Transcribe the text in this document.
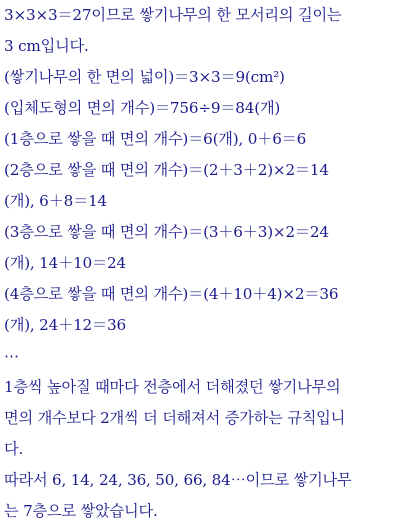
3×3×3＝27이므로 쌓기나무의 한 모서리의 길이는
3 cm입니다.
(쌓기나무의 한 면의 넓이)＝3×3＝9(cm²)
(입체도형의 면의 개수)＝756÷9＝84(개)
(1층으로 쌓을 때 면의 개수)＝6(개), 0＋6＝6
(2층으로 쌓을 때 면의 개수)＝(2＋3＋2)×2＝14
(개), 6＋8＝14
(3층으로 쌓을 때 면의 개수)＝(3＋6＋3)×2＝24
(개), 14＋10＝24
(4층으로 쌓을 때 면의 개수)＝(4＋10＋4)×2＝36
(개), 24＋12＝36
⋯
1층씩 높아질 때마다 전층에서 더해졌던 쌓기나무의
면의 개수보다 2개씩 더 더해져서 증가하는 규칙입니
다.
따라서 6, 14, 24, 36, 50, 66, 84⋯이므로 쌓기나무
는 7층으로 쌓았습니다.
